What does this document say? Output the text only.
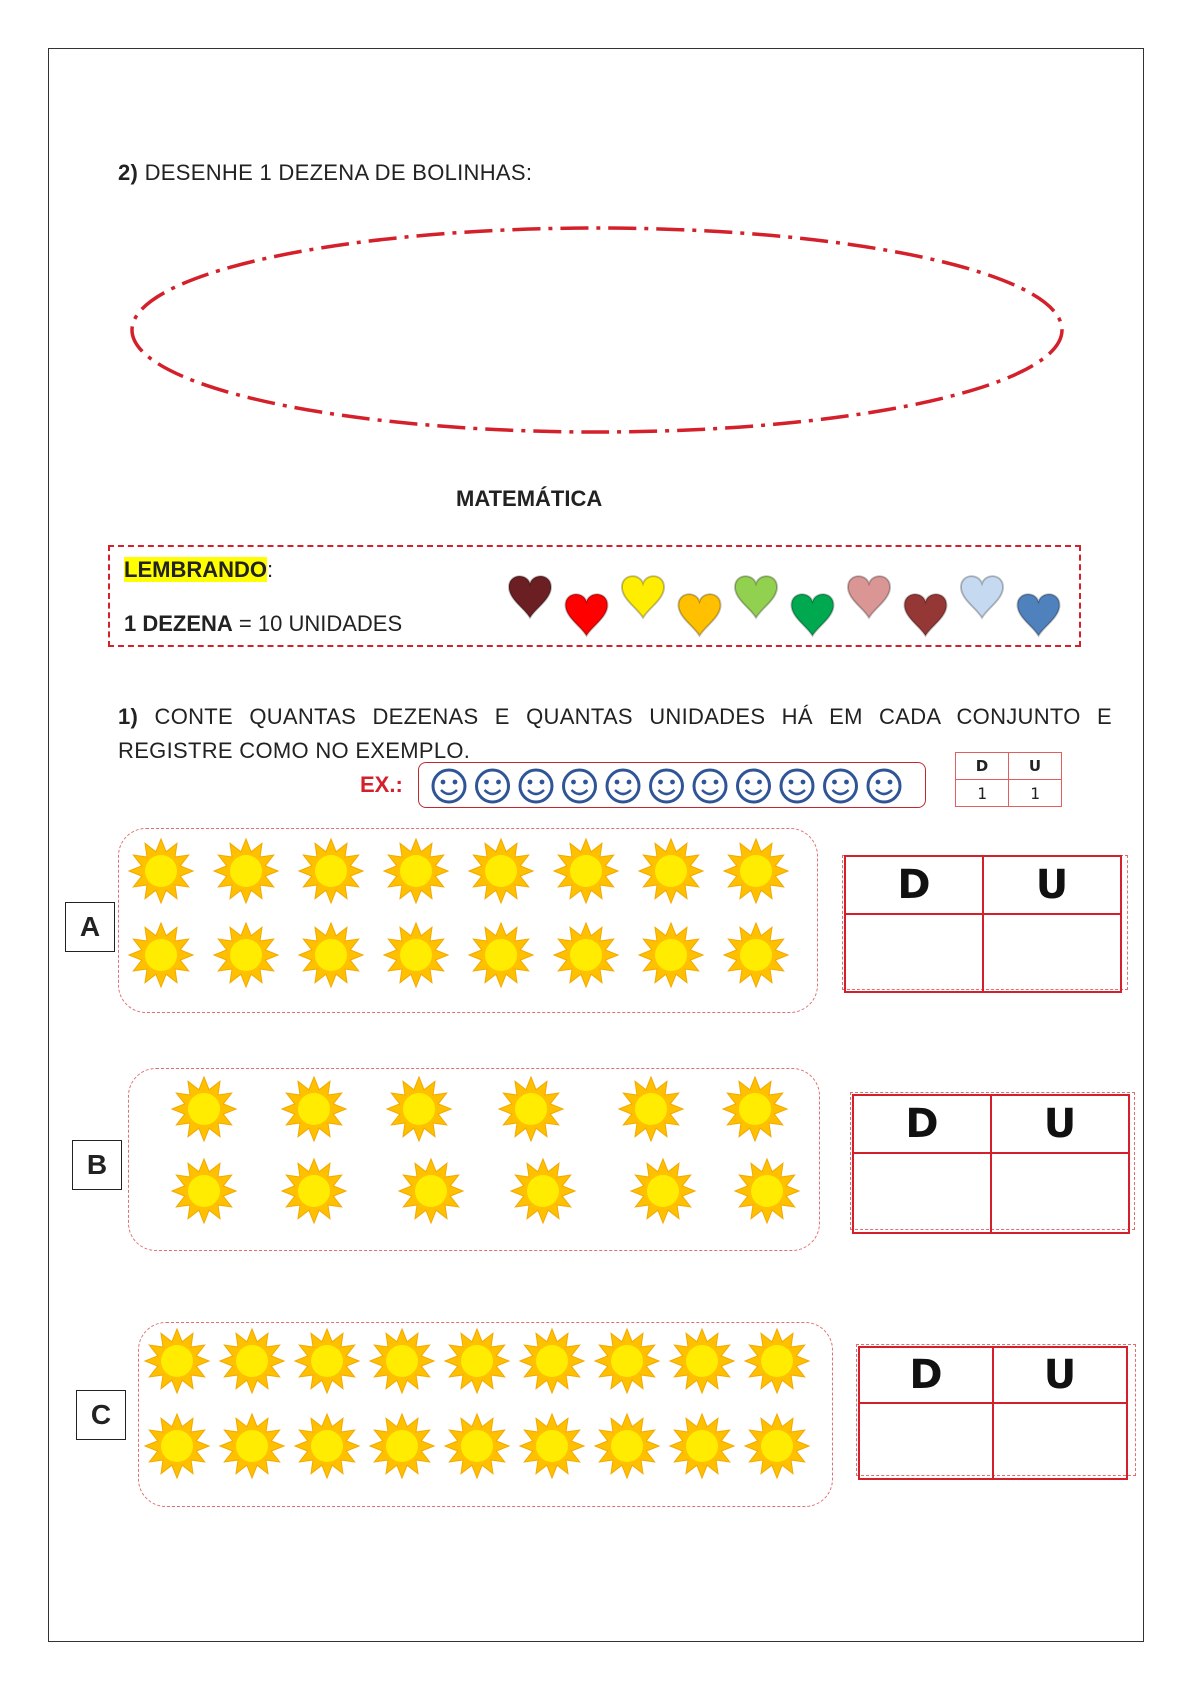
2) DESENHE 1 DEZENA DE BOLINHAS:
MATEMÁTICA
LEMBRANDO:
1 DEZENA = 10 UNIDADES
1) CONTE QUANTAS DEZENAS E QUANTAS UNIDADES HÁ EM CADA CONJUNTO E REGISTRE COMO NO EXEMPLO.
EX.:
D	U
1	1
A
D	U

B
D	U

C
D	U
